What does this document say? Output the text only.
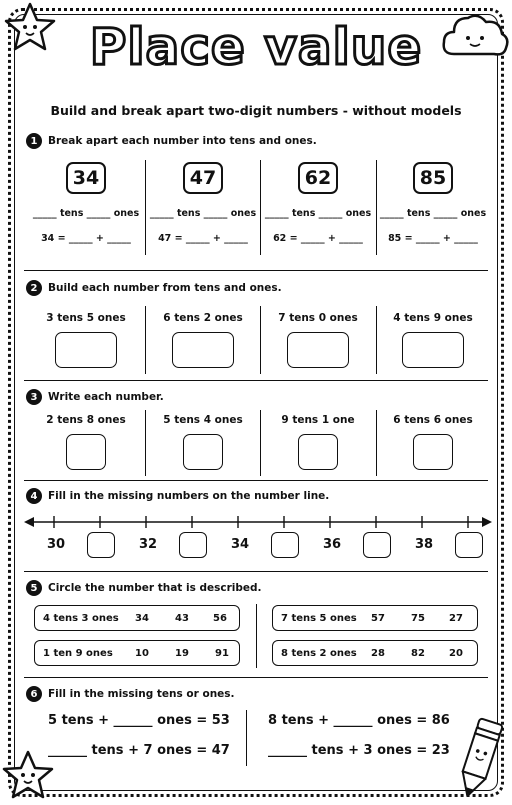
Place value
Build and break apart two-digit numbers - without models
1	Break apart each number into tens and ones.
34
_____ tens _____ ones
34 = _____ + _____
47
_____ tens _____ ones
47 = _____ + _____
62
_____ tens _____ ones
62 = _____ + _____
85
_____ tens _____ ones
85 = _____ + _____
2	Build each number from tens and ones.
3 tens 5 ones	6 tens 2 ones	7 tens 0 ones	4 tens 9 ones
3	Write each number.
2 tens 8 ones	5 tens 4 ones	9 tens 1 one	6 tens 6 ones
4	Fill in the missing numbers on the number line.
30	32	34	36	38
5	Circle the number that is described.
4 tens 3 ones 34	43 56	7 tens 5 ones 57	75 27
1 ten 9 ones 10	19	91	8 tens 2 ones 28	82 20
6	Fill in the missing tens or ones.
5 tens + ______ ones = 53	8 tens + ______ ones = 86
______ tens + 7 ones = 47	______ tens + 3 ones = 23
